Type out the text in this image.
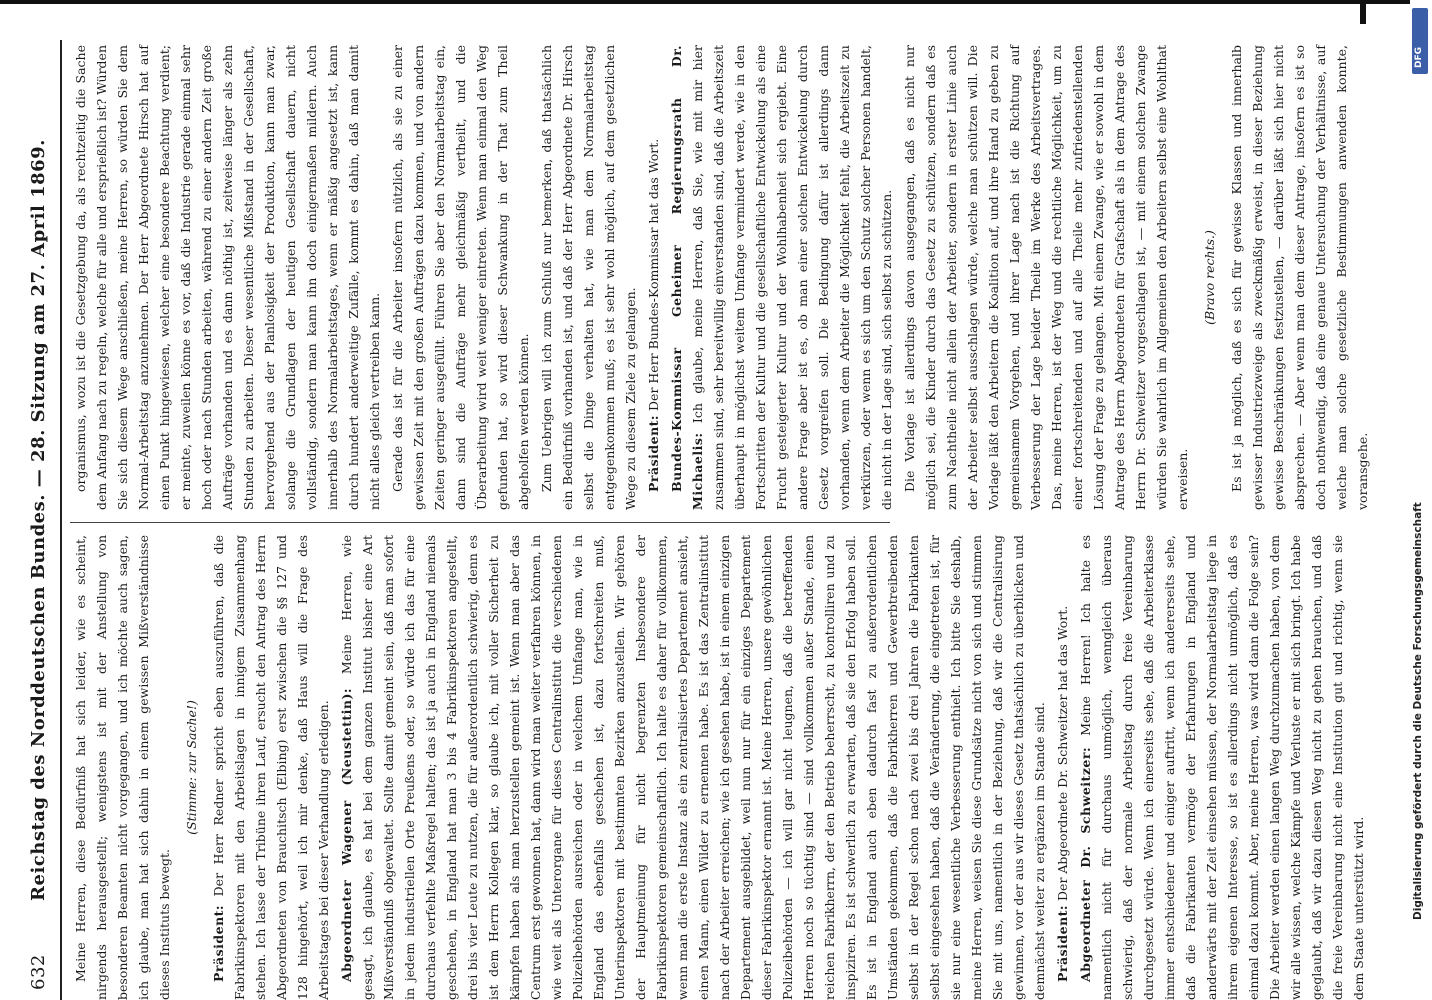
632
Reichstag des Norddeutschen Bundes. — 28. Sitzung am 27. April 1869. Meine Herren, diese Bedürfniß hat sich leider, wie es scheint, nirgends herausgestellt; wenigstens ist mit der Anstellung von besonderen Beamten nicht vorgegangen, und ich möchte auch sagen, ich glaube, man hat sich dahin in einem gewissen Mißverständnisse dieses Instituts bewegt.

(Stimme: zur Sache!)

Präsident: Der Herr Redner spricht eben auszuführen, daß die Fabrikinspektoren mit den Arbeitslagen in innigem Zusammenhang stehen. Ich lasse der Tribüne ihren Lauf, ersucht den Antrag des Herrn Abgeordneten von Brauchitsch (Elbing) erst zwischen die §§ 127 und 128 hingehört, weil ich mir denke, daß Haus will die Frage des Arbeitstages bei dieser Verhandlung erledigen. Abgeordneter Wagener (Neustettin): Meine Herren, wie gesagt, ich glaube, es hat bei dem ganzen Institut bisher eine Art Mißverständniß obgewaltet. Sollte damit gemeint sein, daß man sofort in jedem industriellen Orte Preußens oder, so würde ich das für eine durchaus verfehlte Maßregel halten; das ist ja auch in England niemals geschehen, in England hat man 3 bis 4 Fabrikinspektoren angestellt, drei bis vier Leute zu nutzen, die für außerordentlich schwierig, denn es ist dem Herrn Kollegen klar, so glaube ich, mit voller Sicherheit zu kämpfen haben als man herzustellen gemeint ist. Wenn man aber das Centrum erst gewonnen hat, dann wird man weiter verfahren können, in wie weit als Unterorgane für dieses Centralinstitut die verschiedenen Polizeibehörden ausreichen oder in welchem Umfange man, wie in England das ebenfalls geschehen ist, dazu fortschreiten muß, Unterinspektoren mit bestimmten Bezirken anzustellen. Wir gehören der Hauptmeinung für nicht begrenzten Insbesondere der Fabrikinspektoren gemeinschaftlich. Ich halte es daher für vollkommen, wenn man die erste Instanz als ein zentralisiertes Departement ansieht, einen Mann, einen Wilder zu ernennen habe. Es ist das Zentralinstitut nach der Arbeiter erreichen; wie ich gesehen habe, ist in einem einzigen Departement ausgebildet, weil nun nur für ein einziges Departement dieser Fabrikinspektor ernannt ist. Meine Herren, unsere gewöhnlichen Polizeibehörden — ich will gar nicht leugnen, daß die betreffenden Herren noch so tüchtig sind — sind vollkommen außer Stande, einen reichen Fabrikherrn, der den Betrieb beherrscht, zu kontrolliren und zu inspiziren. Es ist schwerlich zu erwarten, daß sie den Erfolg haben soll. Es ist in England auch eben dadurch fast zu außerordentlichen Umständen gekommen, daß die Fabrikherren und Gewerbtreibenden selbst in der Regel schon nach zwei bis drei Jahren die Fabrikanten selbst eingesehen haben, daß die Veränderung, die eingetreten ist, für sie nur eine wesentliche Verbesserung enthielt. Ich bitte Sie deshalb, meine Herren, weisen Sie diese Grundsätze nicht von sich und stimmen Sie mit uns, namentlich in der Beziehung, daß wir die Centralisirung gewinnen, vor der aus wir dieses Gesetz thatsächlich zu überblicken und demnächst weiter zu ergänzen im Stande sind. Präsident: Der Abgeordnete Dr. Schweitzer hat das Wort. Abgeordneter Dr. Schweitzer: Meine Herren! Ich halte es namentlich nicht für durchaus unmöglich, wenngleich überaus schwierig, daß der normale Arbeitstag durch freie Vereinbarung durchgesetzt würde. Wenn ich einerseits sehe, daß die Arbeiterklasse immer entschiedener und einiger auftritt, wenn ich andererseits sehe, daß die Fabrikanten vermöge der Erfahrungen in England und anderwärts mit der Zeit einsehen müssen, der Normalarbeitstag liege in ihrem eigenen Interesse, so ist es allerdings nicht unmöglich, daß es einmal dazu kommt. Aber, meine Herren, was wird dann die Folge sein? Die Arbeiter werden einen langen Weg durchzumachen haben, von dem wir alle wissen, welche Kämpfe und Verluste er mit sich bringt. Ich habe geglaubt, daß wir dazu diesen Weg nicht zu gehen brauchen, und daß die freie Vereinbarung nicht eine Institution gut und richtig, wenn sie dem Staate unterstützt wird.

organismus, wozu ist die Gesetzgebung da, als rechtzeitig die Sache dem Anfang nach zu regeln, welche für alle und ersprießlich ist? Würden Sie sich diesem Wege anschließen, meine Herren, so würden Sie dem Normal-Arbeitstag anzunehmen. Der Herr Abgeordnete Hirsch hat auf einen Punkt hingewiesen, welcher eine besondere Beachtung verdient; er meinte, zuweilen könne es vor, daß die Industrie gerade einmal sehr hoch oder nach Stunden arbeiten, während zu einer andern Zeit große Aufträge vorhanden und es dann nöthig ist, zeitweise länger als zehn Stunden zu arbeiten. Dieser wesentliche Mißstand in der Gesellschaft, hervorgehend aus der Planlosigkeit der Produktion, kann man zwar, solange die Grundlagen der heutigen Gesellschaft dauern, nicht vollständig, sondern man kann ihn doch einigermaßen mildern. Auch innerhalb des Normalarbeitstages, wenn er mäßig angesetzt ist, kann durch hundert anderweitige Zufälle, kommt es dahin, daß man damit nicht alles gleich vertreiben kann. Gerade das ist für die Arbeiter insofern nützlich, als sie zu einer gewissen Zeit mit den großen Aufträgen dazu kommen, und von andern Zeiten geringer ausgefüllt. Führen Sie aber den Normalarbeitstag ein, dann sind die Aufträge mehr gleichmäßig vertheilt, und die Überarbeitung wird weit weniger eintreten. Wenn man einmal den Weg gefunden hat, so wird dieser Schwankung in der That zum Theil abgeholfen werden können. Zum Uebrigen will ich zum Schluß nur bemerken, daß thatsächlich ein Bedürfniß vorhanden ist, und daß der Herr Abgeordnete Dr. Hirsch selbst die Dinge verhalten hat, wie man dem Normalarbeitstag entgegenkommen muß; es ist sehr wohl möglich, auf dem gesetzlichen Wege zu diesem Ziele zu gelangen. Präsident: Der Herr Bundes-Kommissar hat das Wort. Bundes-Kommissar Geheimer Regierungsrath Dr. Michaelis: Ich glaube, meine Herren, daß Sie, wie mit mir hier zusammen sind, sehr bereitwillig einverstanden sind, daß die Arbeitszeit überhaupt in möglichst weitem Umfange vermindert werde, wie in den Fortschritten der Kultur und die gesellschaftliche Entwickelung als eine Frucht gesteigerter Kultur und der Wohlhabenheit sich ergiebt. Eine andere Frage aber ist es, ob man einer solchen Entwickelung durch Gesetz vorgreifen soll. Die Bedingung dafür ist allerdings dann vorhanden, wenn dem Arbeiter die Möglichkeit fehlt, die Arbeitszeit zu verkürzen, oder wenn es sich um den Schutz solcher Personen handelt, die nicht in der Lage sind, sich selbst zu schützen. Die Vorlage ist allerdings davon ausgegangen, daß es nicht nur möglich sei, die Kinder durch das Gesetz zu schützen, sondern daß es zum Nachtheile nicht allein der Arbeiter, sondern in erster Linie auch der Arbeiter selbst ausschlagen würde, welche man schützen will. Die Vorlage läßt den Arbeitern die Koalition auf, und ihre Hand zu geben zu gemeinsamem Vorgehen, und ihrer Lage nach ist die Richtung auf Verbesserung der Lage beider Theile im Werke des Arbeitsvertrages. Das, meine Herren, ist der Weg und die rechtliche Möglichkeit, um zu einer fortschreitenden und auf alle Theile mehr zufriedenstellenden Lösung der Frage zu gelangen. Mit einem Zwange, wie er sowohl in dem Antrage des Herrn Abgeordneten für Grafschaft als in dem Antrage des Herrn Dr. Schweitzer vorgeschlagen ist, — mit einem solchen Zwange würden Sie wahrlich im Allgemeinen den Arbeitern selbst eine Wohlthat erweisen.

(Bravo rechts.) Es ist ja möglich, daß es sich für gewisse Klassen und innerhalb gewisser Industriezweige als zweckmäßig erweist, in dieser Beziehung gewisse Beschränkungen festzustellen, — darüber läßt sich hier nicht absprechen. — Aber wenn man dem dieser Antrage, insofern es ist so doch nothwendig, daß eine genaue Untersuchung der Verhältnisse, auf welche man solche gesetzliche Bestimmungen anwenden konnte, voransgehe.

DFG
Digitalisierung gefördert durch die Deutsche Forschungsgemeinschaft
